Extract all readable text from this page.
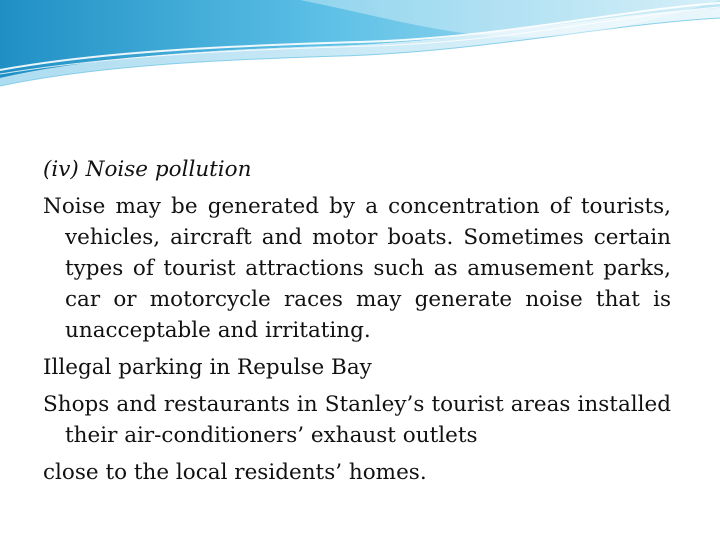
(iv) Noise pollution

Noise may be generated by a concentration of tourists, vehicles, aircraft and motor boats. Sometimes certain types of tourist attractions such as amusement parks, car or motorcycle races may generate noise that is unacceptable and irritating.

Illegal parking in Repulse Bay

Shops and restaurants in Stanley’s tourist areas installed their air-conditioners’ exhaust outlets

close to the local residents’ homes.
